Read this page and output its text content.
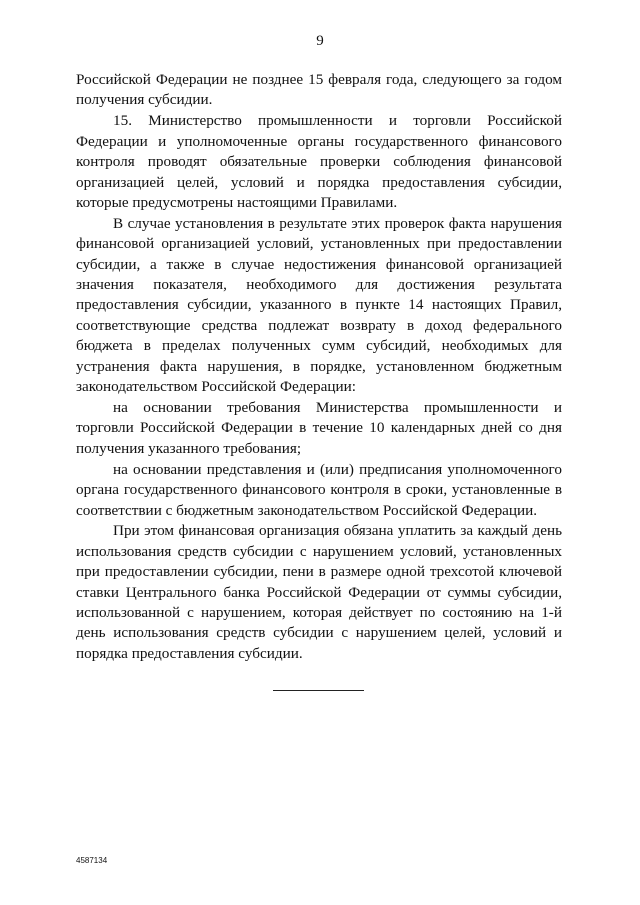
9

Российской Федерации не позднее 15 февраля года, следующего за годом получения субсидии.

15. Министерство промышленности и торговли Российской Федерации и уполномоченные органы государственного финансового контроля проводят обязательные проверки соблюдения финансовой организацией целей, условий и порядка предоставления субсидии, которые предусмотрены настоящими Правилами.

В случае установления в результате этих проверок факта нарушения финансовой организацией условий, установленных при предоставлении субсидии, а также в случае недостижения финансовой организацией значения показателя, необходимого для достижения результата предоставления субсидии, указанного в пункте 14 настоящих Правил, соответствующие средства подлежат возврату в доход федерального бюджета в пределах полученных сумм субсидий, необходимых для устранения факта нарушения, в порядке, установленном бюджетным законодательством Российской Федерации:

на основании требования Министерства промышленности и торговли Российской Федерации в течение 10 календарных дней со дня получения указанного требования;

на основании представления и (или) предписания уполномоченного органа государственного финансового контроля в сроки, установленные в соответствии с бюджетным законодательством Российской Федерации.

При этом финансовая организация обязана уплатить за каждый день использования средств субсидии с нарушением условий, установленных при предоставлении субсидии, пени в размере одной трехсотой ключевой ставки Центрального банка Российской Федерации от суммы субсидии, использованной с нарушением, которая действует по состоянию на 1-й день использования средств субсидии с нарушением целей, условий и порядка предоставления субсидии.

4587134
